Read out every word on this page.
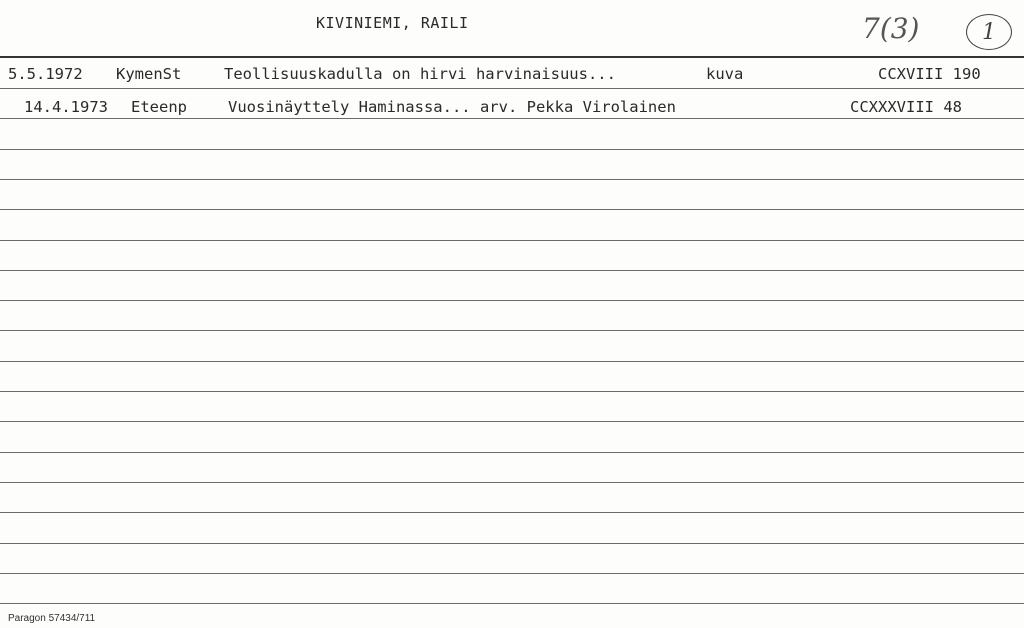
KIVINIEMI, RAILI	7(3)	1
5.5.1972 KymenSt	Teollisuuskadulla on hirvi harvinaisuus...	kuva	CCXVIII 190
14.4.1973 Eteenp	Vuosinäyttely Haminassa... arv. Pekka Virolainen	CCXXXVIII 48
Paragon 57434/711
